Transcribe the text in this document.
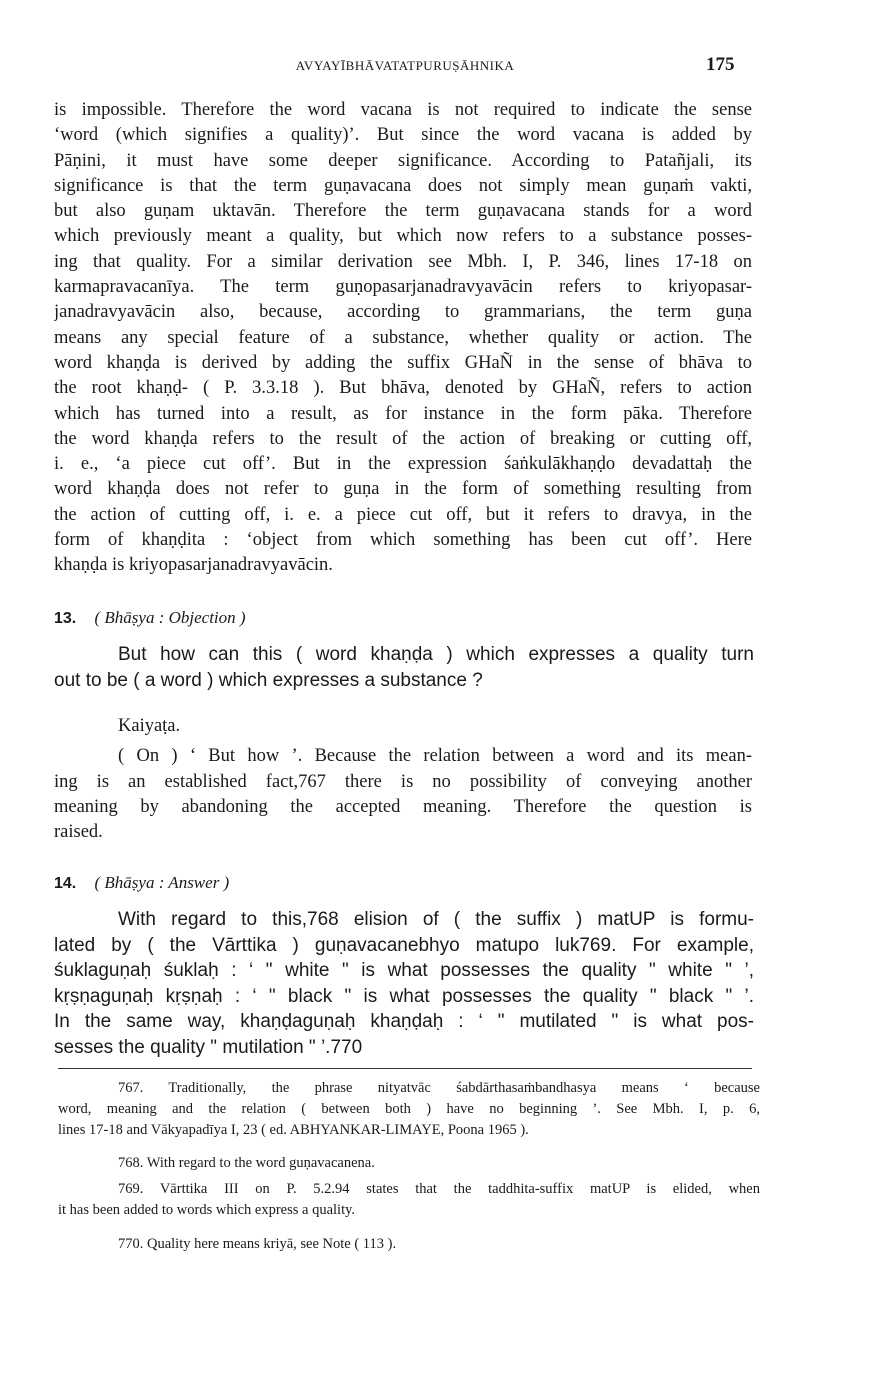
AVYAYĪBHĀVATATPURUṢĀHNIKA	175
is impossible. Therefore the word vacana is not required to indicate the sense
‘word (which signifies a quality)’. But since the word vacana is added by
Pāṇini, it must have some deeper significance. According to Patañjali, its
significance is that the term guṇavacana does not simply mean guṇaṁ vakti,
but also guṇam uktavān. Therefore the term guṇavacana stands for a word
which previously meant a quality, but which now refers to a substance posses-
ing that quality. For a similar derivation see Mbh. I, P. 346, lines 17-18 on
karmapravacanīya. The term guṇopasarjanadravyavācin refers to kriyopasar-
janadravyavācin also, because, according to grammarians, the term guṇa
means any special feature of a substance, whether quality or action. The
word khaṇḍa is derived by adding the suffix GHaÑ in the sense of bhāva to
the root khaṇḍ- ( P. 3.3.18 ). But bhāva, denoted by GHaÑ, refers to action
which has turned into a result, as for instance in the form pāka. Therefore
the word khaṇḍa refers to the result of the action of breaking or cutting off,
i. e., ‘a piece cut off’. But in the expression śaṅkulākhaṇḍo devadattaḥ the
word khaṇḍa does not refer to guṇa in the form of something resulting from
the action of cutting off, i. e. a piece cut off, but it refers to dravya, in the
form of khaṇḍita : ‘object from which something has been cut off’. Here
khaṇḍa is kriyopasarjanadravyavācin.
13. ( Bhāṣya : Objection )
But how can this ( word khaṇḍa ) which expresses a quality turn
out to be ( a word ) which expresses a substance ?
Kaiyaṭa.
( On ) ‘ But how ’. Because the relation between a word and its mean-
ing is an established fact,767 there is no possibility of conveying another
meaning by abandoning the accepted meaning. Therefore the question is
raised.
14. ( Bhāṣya : Answer )
With regard to this,768 elision of ( the suffix ) matUP is formu-
lated by ( the Vārttika ) guṇavacanebhyo matupo luk769. For example,
śuklaguṇaḥ śuklaḥ : ‘ " white " is what possesses the quality " white " ’,
kṛṣṇaguṇaḥ kṛṣṇaḥ : ‘ " black " is what possesses the quality " black " ’.
In the same way, khaṇḍaguṇaḥ khaṇḍaḥ : ‘ " mutilated " is what pos-
sesses the quality " mutilation " ’.770
767. Traditionally, the phrase nityatvāc śabdārthasaṁbandhasya means ‘ because
word, meaning and the relation ( between both ) have no beginning ’. See Mbh. I, p. 6,
lines 17-18 and Vākyapadīya I, 23 ( ed. ABHYANKAR-LIMAYE, Poona 1965 ).
768. With regard to the word guṇavacanena.
769. Vārttika III on P. 5.2.94 states that the taddhita-suffix matUP is elided, when
it has been added to words which express a quality.
770. Quality here means kriyā, see Note ( 113 ).
